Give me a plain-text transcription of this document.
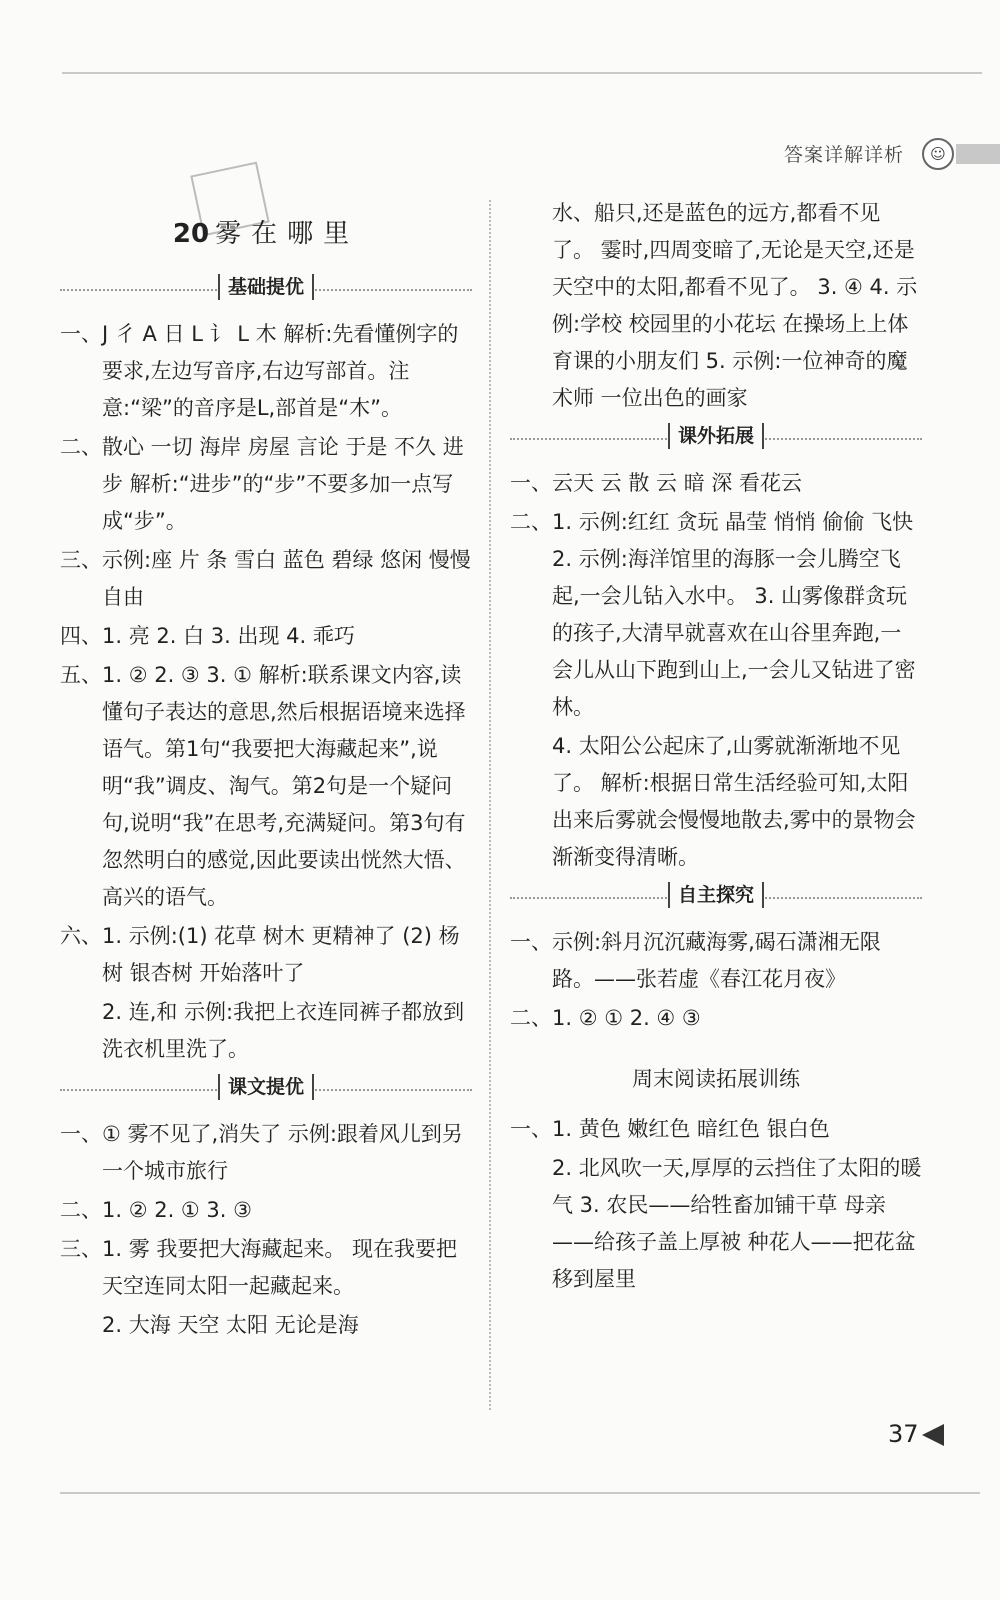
答案详解详析	☺
20 雾在哪里
基础提优

一、J 彳 A 日 L 讠 L 木 解析:先看懂例字的要求,左边写音序,右边写部首。注意:“梁”的音序是L,部首是“木”。

二、散心 一切 海岸 房屋 言论 于是 不久 进步 解析:“进步”的“步”不要多加一点写成“步”。

三、示例:座 片 条 雪白 蓝色 碧绿 悠闲 慢慢 自由

四、1. 亮 2. 白 3. 出现 4. 乖巧

五、1. ② 2. ③ 3. ① 解析:联系课文内容,读懂句子表达的意思,然后根据语境来选择语气。第1句“我要把大海藏起来”,说明“我”调皮、淘气。第2句是一个疑问句,说明“我”在思考,充满疑问。第3句有忽然明白的感觉,因此要读出恍然大悟、高兴的语气。

六、1. 示例:(1) 花草 树木 更精神了 (2) 杨树 银杏树 开始落叶了

2. 连,和 示例:我把上衣连同裤子都放到洗衣机里洗了。

课文提优

一、① 雾不见了,消失了 示例:跟着风儿到另一个城市旅行

二、1. ② 2. ① 3. ③

三、1. 雾 我要把大海藏起来。 现在我要把天空连同太阳一起藏起来。

2. 大海 天空 太阳 无论是海

水、船只,还是蓝色的远方,都看不见了。 霎时,四周变暗了,无论是天空,还是天空中的太阳,都看不见了。 3. ④ 4. 示例:学校 校园里的小花坛 在操场上上体育课的小朋友们 5. 示例:一位神奇的魔术师 一位出色的画家

课外拓展

一、云天 云 散 云 暗 深 看花云

二、1. 示例:红红 贪玩 晶莹 悄悄 偷偷 飞快 2. 示例:海洋馆里的海豚一会儿腾空飞起,一会儿钻入水中。 3. 山雾像群贪玩的孩子,大清早就喜欢在山谷里奔跑,一会儿从山下跑到山上,一会儿又钻进了密林。

4. 太阳公公起床了,山雾就渐渐地不见了。 解析:根据日常生活经验可知,太阳出来后雾就会慢慢地散去,雾中的景物会渐渐变得清晰。

自主探究

一、示例:斜月沉沉藏海雾,碣石潇湘无限路。——张若虚《春江花月夜》

二、1. ② ① 2. ④ ③

周末阅读拓展训练

一、1. 黄色 嫩红色 暗红色 银白色

2. 北风吹一天,厚厚的云挡住了太阳的暖气 3. 农民——给牲畜加铺干草 母亲——给孩子盖上厚被 种花人——把花盆移到屋里

37
